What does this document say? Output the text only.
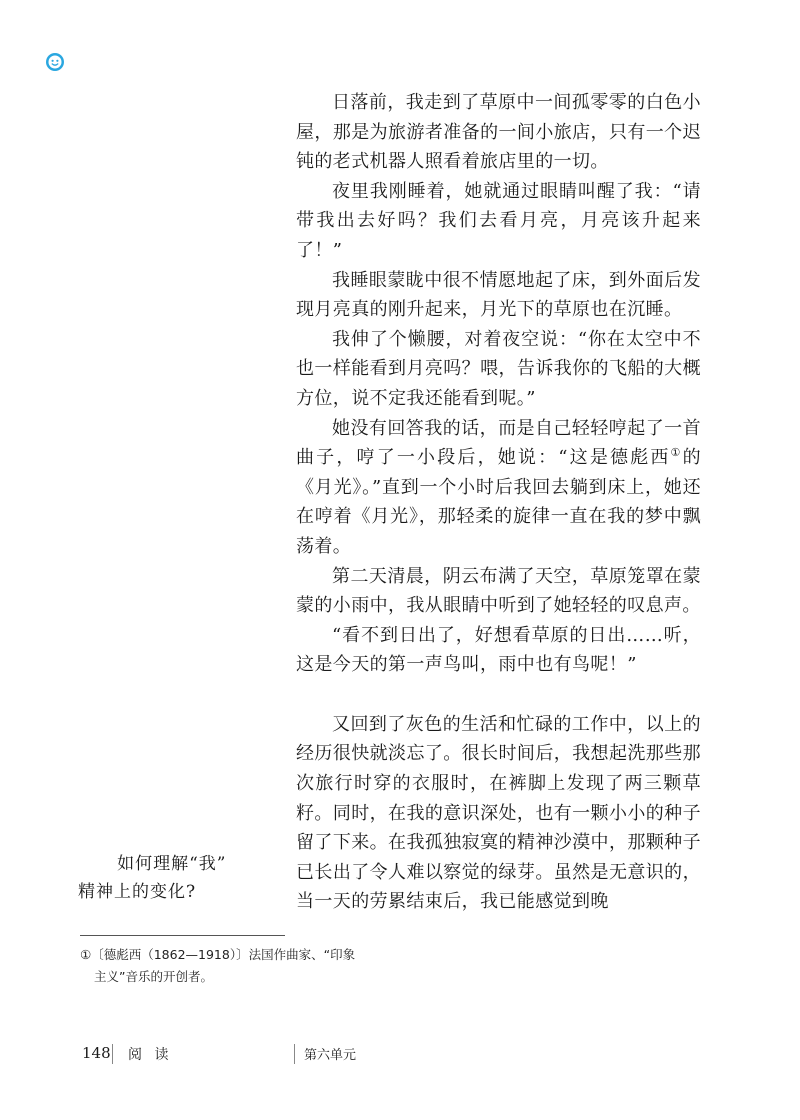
日落前，我走到了草原中一间孤零零的白色小屋，那是为旅游者准备的一间小旅店，只有一个迟钝的老式机器人照看着旅店里的一切。

夜里我刚睡着，她就通过眼睛叫醒了我：“请带我出去好吗？我们去看月亮，月亮该升起来了！”

我睡眼蒙眬中很不情愿地起了床，到外面后发现月亮真的刚升起来，月光下的草原也在沉睡。

我伸了个懒腰，对着夜空说：“你在太空中不也一样能看到月亮吗？喂，告诉我你的飞船的大概方位，说不定我还能看到呢。”

她没有回答我的话，而是自己轻轻哼起了一首曲子，哼了一小段后，她说：“这是德彪西①的《月光》。”直到一个小时后我回去躺到床上，她还在哼着《月光》，那轻柔的旋律一直在我的梦中飘荡着。

第二天清晨，阴云布满了天空，草原笼罩在蒙蒙的小雨中，我从眼睛中听到了她轻轻的叹息声。

“看不到日出了，好想看草原的日出……听，这是今天的第一声鸟叫，雨中也有鸟呢！”

又回到了灰色的生活和忙碌的工作中，以上的经历很快就淡忘了。很长时间后，我想起洗那些那次旅行时穿的衣服时，在裤脚上发现了两三颗草籽。同时，在我的意识深处，也有一颗小小的种子留了下来。在我孤独寂寞的精神沙漠中，那颗种子已长出了令人难以察觉的绿芽。虽然是无意识的，当一天的劳累结束后，我已能感觉到晚

如何理解“我”
精神上的变化?
①〔德彪西（1862—1918）〕法国作曲家、“印象
主义”音乐的开创者。
148 阅 读	第六单元
